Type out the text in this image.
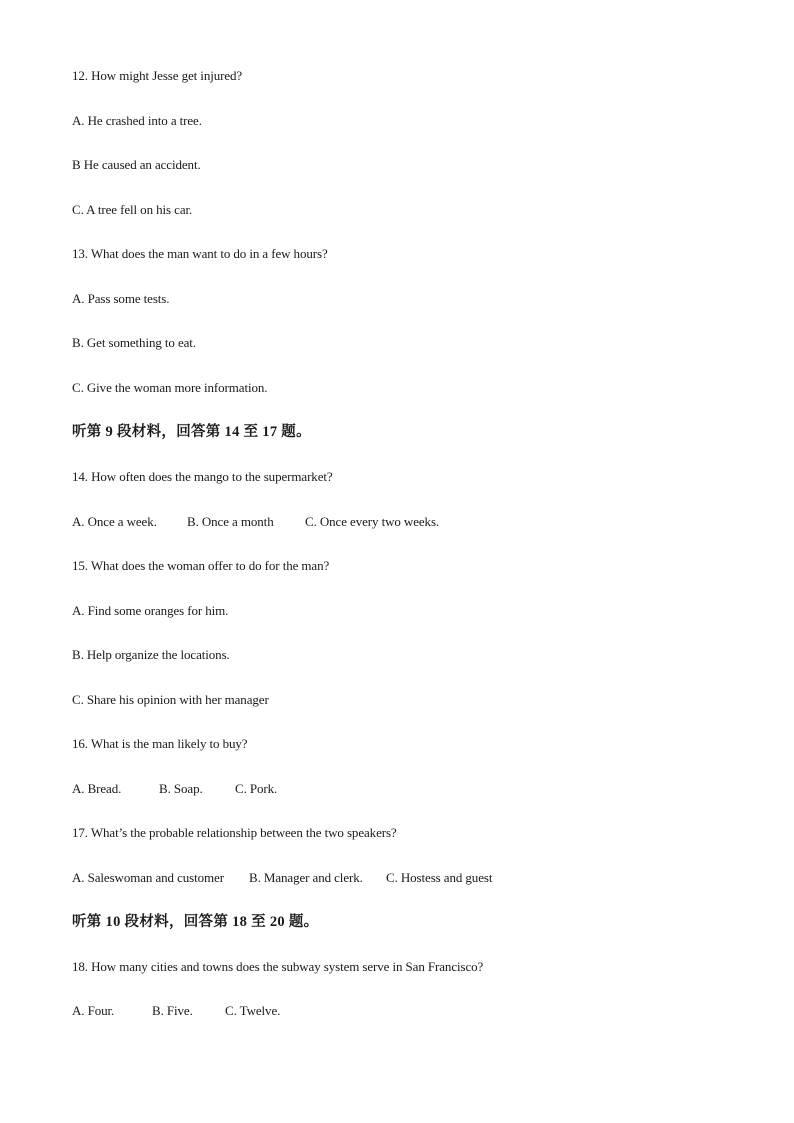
12. How might Jesse get injured?
A. He crashed into a tree.
B He caused an accident.
C. A tree fell on his car.
13. What does the man want to do in a few hours?
A. Pass some tests.
B. Get something to eat.
C. Give the woman more information.
听第 9 段材料，回答第 14 至 17 题。
14. How often does the mango to the supermarket?
A. Once a week. B. Once a month C. Once every two weeks.
15. What does the woman offer to do for the man?
A. Find some oranges for him.
B. Help organize the locations.
C. Share his opinion with her manager
16. What is the man likely to buy?
A. Bread.	B. Soap. C. Pork.
17. What’s the probable relationship between the two speakers?
A. Saleswoman and customer B. Manager and clerk. C. Hostess and guest
听第 10 段材料，回答第 18 至 20 题。
18. How many cities and towns does the subway system serve in San Francisco?
A. Four.	B. Five. C. Twelve.
